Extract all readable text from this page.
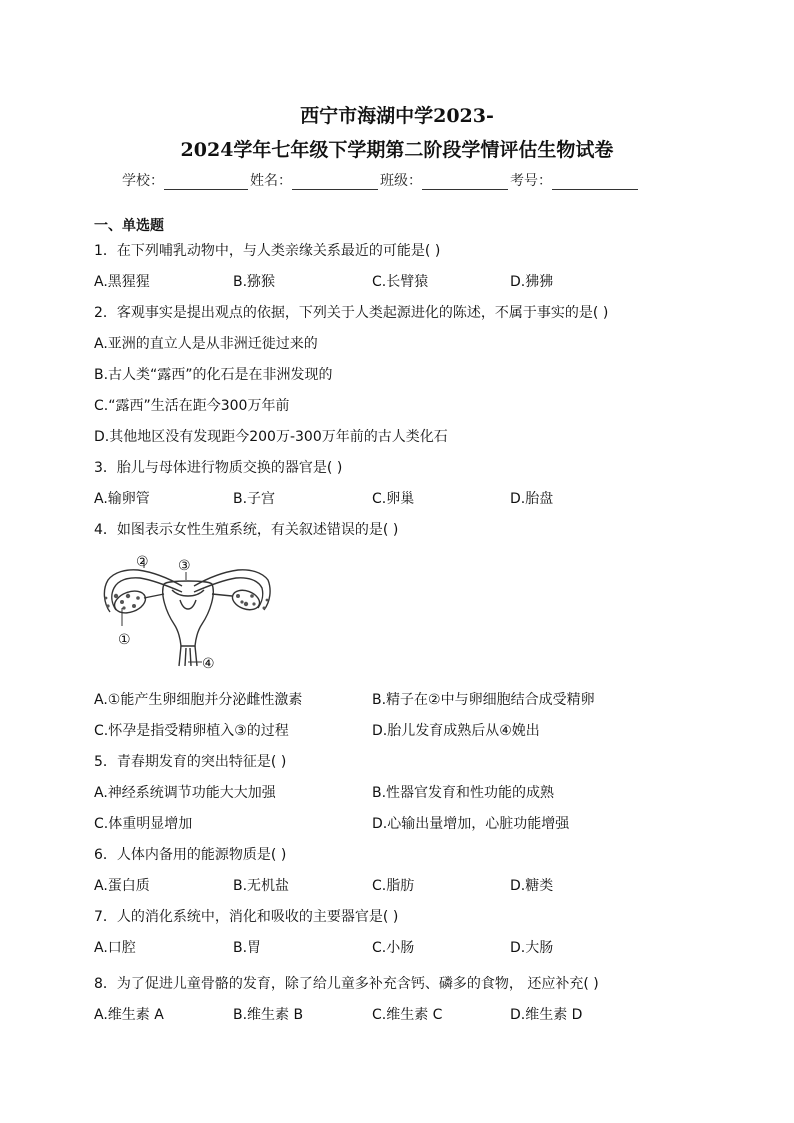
西宁市海湖中学2023-
2024学年七年级下学期第二阶段学情评估生物试卷
学校：	姓名：	班级：	考号：
一、单选题
1．在下列哺乳动物中，与人类亲缘关系最近的可能是( )
A.黑猩猩	B.猕猴	C.长臂猿	D.狒狒
2．客观事实是提出观点的依据，下列关于人类起源进化的陈述，不属于事实的是( )
A.亚洲的直立人是从非洲迁徙过来的
B.古人类“露西”的化石是在非洲发现的
C.“露西”生活在距今300万年前
D.其他地区没有发现距今200万-300万年前的古人类化石
3．胎儿与母体进行物质交换的器官是( )
A.输卵管	B.子宫	C.卵巢	D.胎盘
4．如图表示女性生殖系统，有关叙述错误的是( )
② ③
①
④
A.①能产生卵细胞并分泌雌性激素	B.精子在②中与卵细胞结合成受精卵
C.怀孕是指受精卵植入③的过程	D.胎儿发育成熟后从④娩出
5．青春期发育的突出特征是( )
A.神经系统调节功能大大加强	B.性器官发育和性功能的成熟
C.体重明显增加	D.心输出量增加，心脏功能增强
6．人体内备用的能源物质是( )
A.蛋白质	B.无机盐	C.脂肪	D.糖类
7．人的消化系统中，消化和吸收的主要器官是( )
A.口腔	B.胃	C.小肠	D.大肠
8．为了促进儿童骨骼的发育，除了给儿童多补充含钙、磷多的食物， 还应补充( )
A.维生素 A	B.维生素 B	C.维生素 C	D.维生素 D
